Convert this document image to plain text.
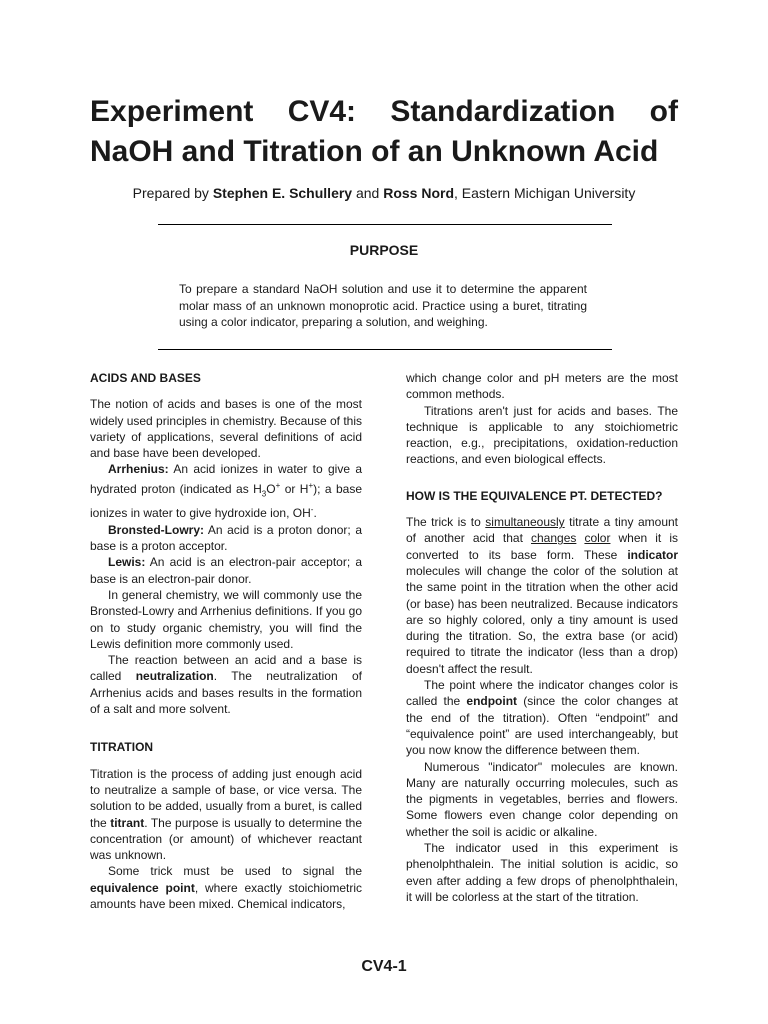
Experiment CV4: Standardization of
NaOH and Titration of an Unknown Acid
Prepared by Stephen E. Schullery and Ross Nord, Eastern Michigan University
PURPOSE
To prepare a standard NaOH solution and use it to determine the apparent molar mass of an unknown monoprotic acid. Practice using a buret, titrating using a color indicator, preparing a solution, and weighing.
ACIDS AND BASES

The notion of acids and bases is one of the most widely used principles in chemistry. Because of this variety of applications, several definitions of acid and base have been developed.

Arrhenius: An acid ionizes in water to give a hydrated proton (indicated as $H_3O^+$ or H+); a base ionizes in water to give hydroxide ion, OH-.

Bronsted-Lowry: An acid is a proton donor; a base is a proton acceptor.

Lewis: An acid is an electron-pair acceptor; a base is an electron-pair donor.

In general chemistry, we will commonly use the Bronsted-Lowry and Arrhenius definitions. If you go on to study organic chemistry, you will find the Lewis definition more commonly used.

The reaction between an acid and a base is called neutralization. The neutralization of Arrhenius acids and bases results in the formation of a salt and more solvent.

TITRATION

Titration is the process of adding just enough acid to neutralize a sample of base, or vice versa. The solution to be added, usually from a buret, is called the titrant. The purpose is usually to determine the concentration (or amount) of whichever reactant was unknown.

Some trick must be used to signal the equivalence point, where exactly stoichiometric amounts have been mixed. Chemical indicators,

which change color and pH meters are the most common methods.

Titrations aren't just for acids and bases. The technique is applicable to any stoichiometric reaction, e.g., precipitations, oxidation-reduction reactions, and even biological effects.

HOW IS THE EQUIVALENCE PT. DETECTED?

The trick is to simultaneously titrate a tiny amount of another acid that changes color when it is converted to its base form. These indicator molecules will change the color of the solution at the same point in the titration when the other acid (or base) has been neutralized. Because indicators are so highly colored, only a tiny amount is used during the titration. So, the extra base (or acid) required to titrate the indicator (less than a drop) doesn't affect the result.

The point where the indicator changes color is called the endpoint (since the color changes at the end of the titration). Often “endpoint” and “equivalence point” are used interchangeably, but you now know the difference between them.

Numerous "indicator" molecules are known. Many are naturally occurring molecules, such as the pigments in vegetables, berries and flowers. Some flowers even change color depending on whether the soil is acidic or alkaline.

The indicator used in this experiment is phenolphthalein. The initial solution is acidic, so even after adding a few drops of phenolphthalein, it will be colorless at the start of the titration.

CV4-1
